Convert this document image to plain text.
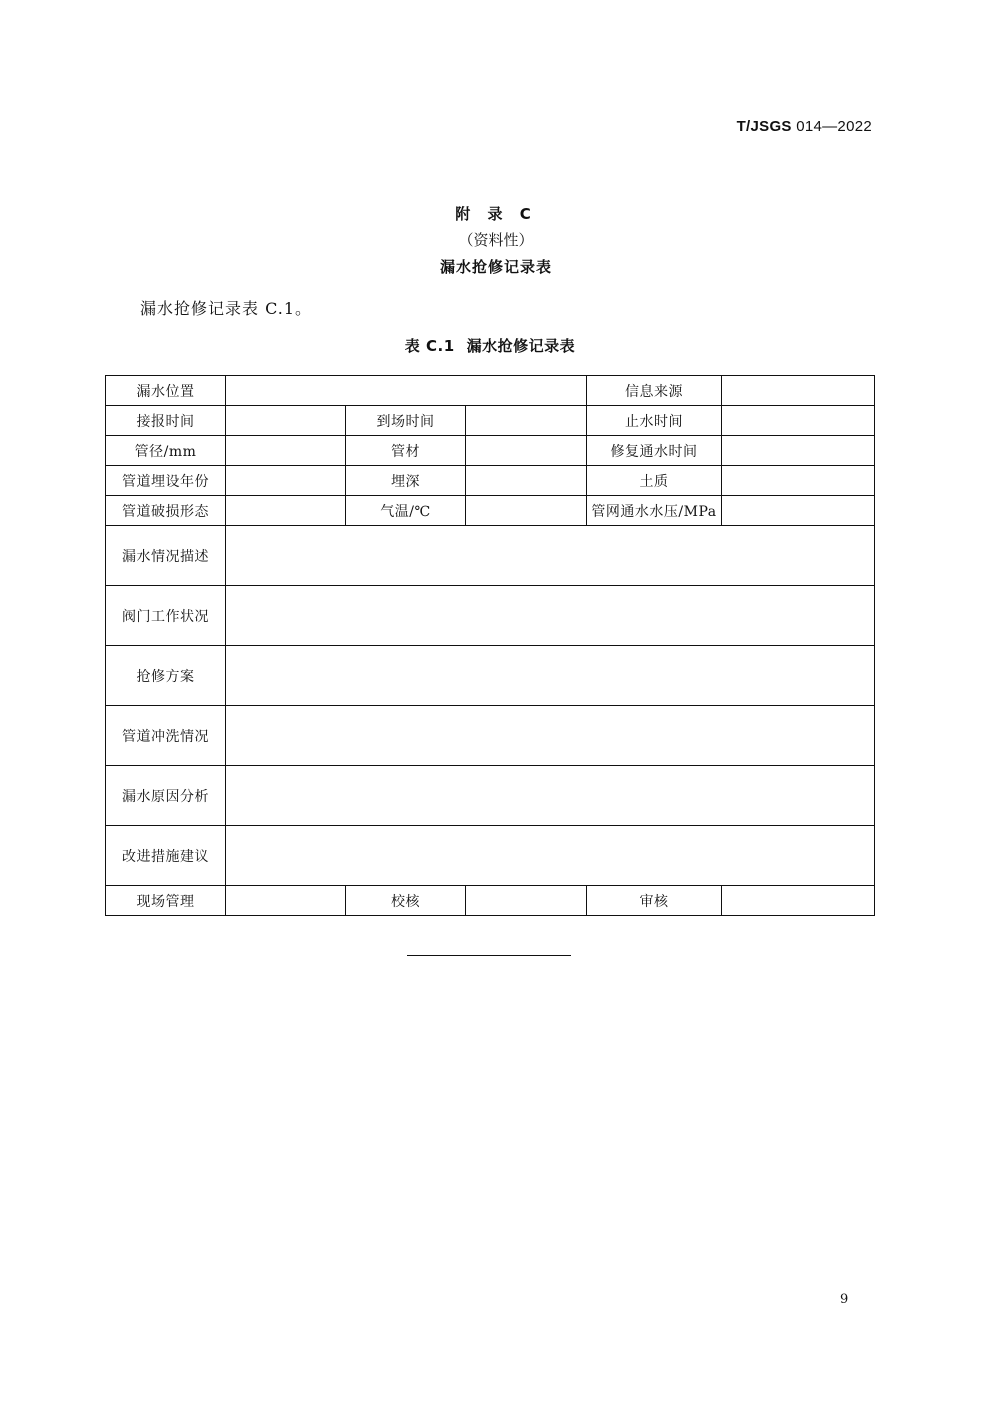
T/JSGS 014—2022
附 录 C
（资料性）
漏水抢修记录表
漏水抢修记录表 C.1。
表 C.1 漏水抢修记录表
漏水位置				信息来源	
接报时间		到场时间		止水时间	
管径/mm		管材		修复通水时间	
管道埋设年份		埋深		土质	
管道破损形态		气温/℃		管网通水水压/MPa	
漏水情况描述					
阀门工作状况					
抢修方案					
管道冲洗情况					
漏水原因分析					
改进措施建议					
现场管理		校核		审核	
9
